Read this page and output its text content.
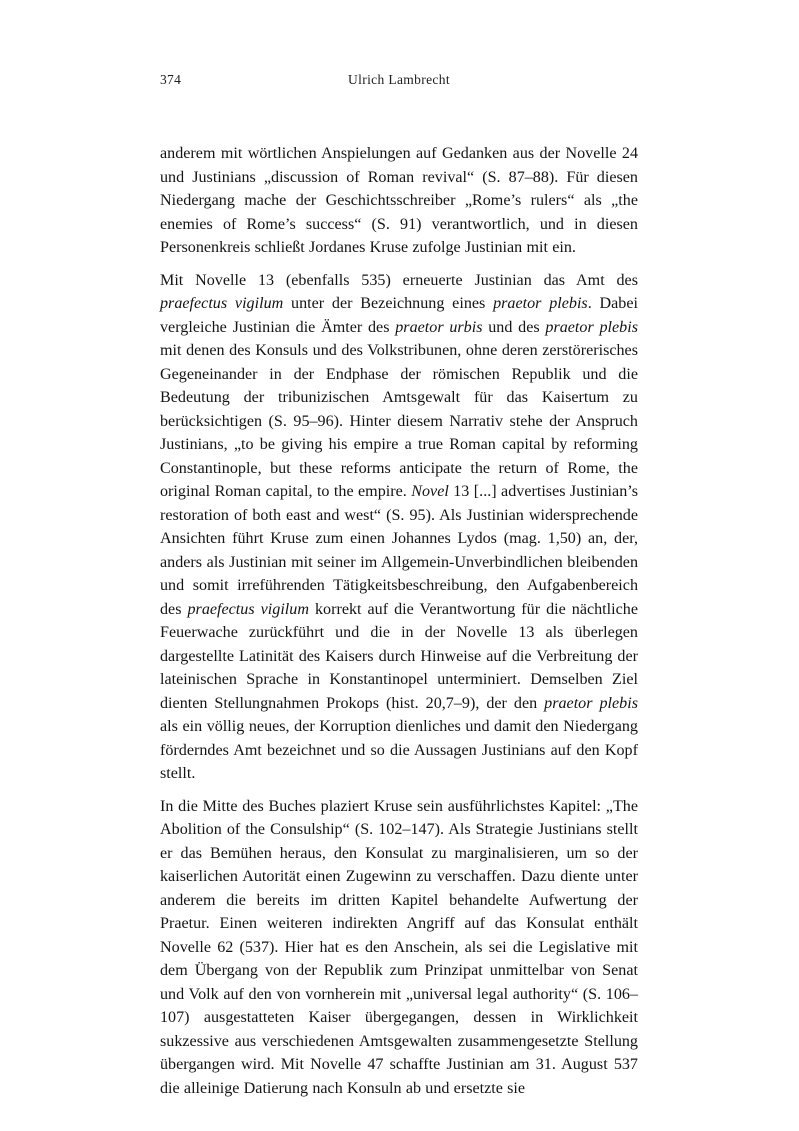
374	Ulrich Lambrecht

anderem mit wörtlichen Anspielungen auf Gedanken aus der Novelle 24 und Justinians „discussion of Roman revival“ (S. 87–88). Für diesen Niedergang mache der Geschichtsschreiber „Rome’s rulers“ als „the enemies of Rome’s success“ (S. 91) verantwortlich, und in diesen Personenkreis schließt Jordanes Kruse zufolge Justinian mit ein.

Mit Novelle 13 (ebenfalls 535) erneuerte Justinian das Amt des praefectus vigilum unter der Bezeichnung eines praetor plebis. Dabei vergleiche Justinian die Ämter des praetor urbis und des praetor plebis mit denen des Konsuls und des Volkstribunen, ohne deren zerstörerisches Gegeneinander in der Endphase der römischen Republik und die Bedeutung der tribunizischen Amtsgewalt für das Kaisertum zu berücksichtigen (S. 95–96). Hinter diesem Narrativ stehe der Anspruch Justinians, „to be giving his empire a true Roman capital by reforming Constantinople, but these reforms anticipate the return of Rome, the original Roman capital, to the empire. Novel 13 [...] advertises Justinian’s restoration of both east and west“ (S. 95). Als Justinian widersprechende Ansichten führt Kruse zum einen Johannes Lydos (mag. 1,50) an, der, anders als Justinian mit seiner im Allgemein-Unverbindlichen bleibenden und somit irreführenden Tätigkeitsbeschreibung, den Aufgabenbereich des praefectus vigilum korrekt auf die Verantwortung für die nächtliche Feuerwache zurückführt und die in der Novelle 13 als überlegen dargestellte Latinität des Kaisers durch Hinweise auf die Verbreitung der lateinischen Sprache in Konstantinopel unterminiert. Demselben Ziel dienten Stellungnahmen Prokops (hist. 20,7–9), der den praetor plebis als ein völlig neues, der Korruption dienliches und damit den Niedergang förderndes Amt bezeichnet und so die Aussagen Justinians auf den Kopf stellt.

In die Mitte des Buches plaziert Kruse sein ausführlichstes Kapitel: „The Abolition of the Consulship“ (S. 102–147). Als Strategie Justinians stellt er das Bemühen heraus, den Konsulat zu marginalisieren, um so der kaiserlichen Autorität einen Zugewinn zu verschaffen. Dazu diente unter anderem die bereits im dritten Kapitel behandelte Aufwertung der Praetur. Einen weiteren indirekten Angriff auf das Konsulat enthält Novelle 62 (537). Hier hat es den Anschein, als sei die Legislative mit dem Übergang von der Republik zum Prinzipat unmittelbar von Senat und Volk auf den von vornherein mit „universal legal authority“ (S. 106–107) ausgestatteten Kaiser übergegangen, dessen in Wirklichkeit sukzessive aus verschiedenen Amtsgewalten zusammengesetzte Stellung übergangen wird. Mit Novelle 47 schaffte Justinian am 31. August 537 die alleinige Datierung nach Konsuln ab und ersetzte sie
